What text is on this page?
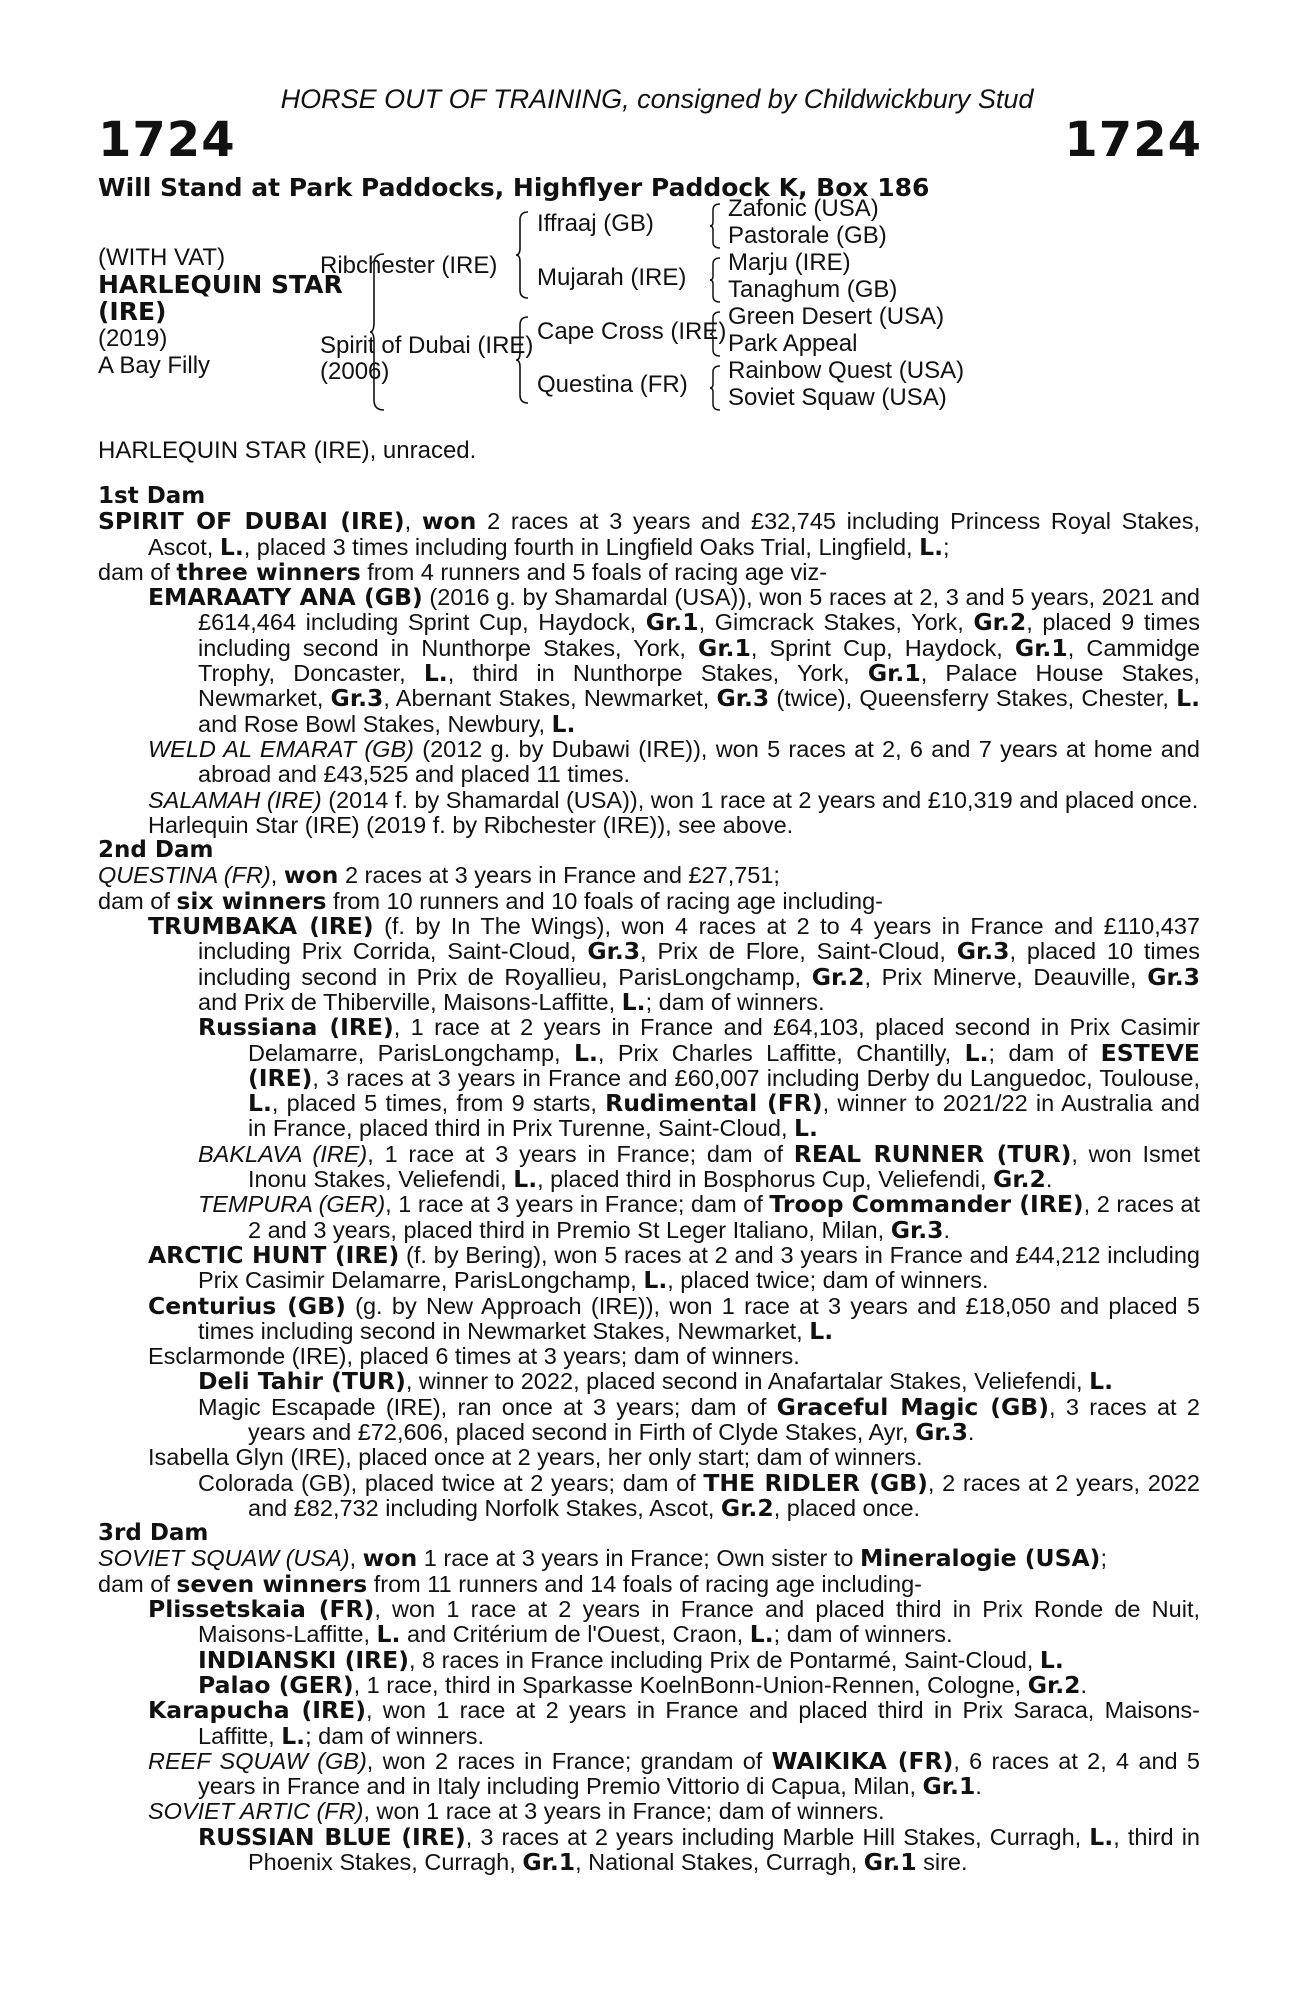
HORSE OUT OF TRAINING, consigned by Childwickbury Stud
1724	1724
Will Stand at Park Paddocks, Highflyer Paddock K, Box 186
(WITH VAT)
HARLEQUIN STAR
(IRE)
(2019)
A Bay Filly
Ribchester (IRE)
Spirit of Dubai (IRE)
(2006)
Iffraaj (GB)
Mujarah (IRE)
Cape Cross (IRE)
Questina (FR)
Zafonic (USA)
Pastorale (GB)
Marju (IRE)
Tanaghum (GB)
Green Desert (USA)
Park Appeal
Rainbow Quest (USA)
Soviet Squaw (USA)
HARLEQUIN STAR (IRE), unraced.
1st Dam
SPIRIT OF DUBAI (IRE), won 2 races at 3 years and £32,745 including Princess Royal Stakes, Ascot, L., placed 3 times including fourth in Lingfield Oaks Trial, Lingfield, L.;
dam of three winners from 4 runners and 5 foals of racing age viz-
EMARAATY ANA (GB) (2016 g. by Shamardal (USA)), won 5 races at 2, 3 and 5 years, 2021 and £614,464 including Sprint Cup, Haydock, Gr.1, Gimcrack Stakes, York, Gr.2, placed 9 times including second in Nunthorpe Stakes, York, Gr.1, Sprint Cup, Haydock, Gr.1, Cammidge Trophy, Doncaster, L., third in Nunthorpe Stakes, York, Gr.1, Palace House Stakes, Newmarket, Gr.3, Abernant Stakes, Newmarket, Gr.3 (twice), Queensferry Stakes, Chester, L. and Rose Bowl Stakes, Newbury, L.
WELD AL EMARAT (GB) (2012 g. by Dubawi (IRE)), won 5 races at 2, 6 and 7 years at home and abroad and £43,525 and placed 11 times.
SALAMAH (IRE) (2014 f. by Shamardal (USA)), won 1 race at 2 years and £10,319 and placed once.
Harlequin Star (IRE) (2019 f. by Ribchester (IRE)), see above.
2nd Dam
QUESTINA (FR), won 2 races at 3 years in France and £27,751;
dam of six winners from 10 runners and 10 foals of racing age including-
TRUMBAKA (IRE) (f. by In The Wings), won 4 races at 2 to 4 years in France and £110,437 including Prix Corrida, Saint-Cloud, Gr.3, Prix de Flore, Saint-Cloud, Gr.3, placed 10 times including second in Prix de Royallieu, ParisLongchamp, Gr.2, Prix Minerve, Deauville, Gr.3 and Prix de Thiberville, Maisons-Laffitte, L.; dam of winners.
Russiana (IRE), 1 race at 2 years in France and £64,103, placed second in Prix Casimir Delamarre, ParisLongchamp, L., Prix Charles Laffitte, Chantilly, L.; dam of ESTEVE (IRE), 3 races at 3 years in France and £60,007 including Derby du Languedoc, Toulouse, L., placed 5 times, from 9 starts, Rudimental (FR), winner to 2021/22 in Australia and in France, placed third in Prix Turenne, Saint-Cloud, L.
BAKLAVA (IRE), 1 race at 3 years in France; dam of REAL RUNNER (TUR), won Ismet Inonu Stakes, Veliefendi, L., placed third in Bosphorus Cup, Veliefendi, Gr.2.
TEMPURA (GER), 1 race at 3 years in France; dam of Troop Commander (IRE), 2 races at 2 and 3 years, placed third in Premio St Leger Italiano, Milan, Gr.3.
ARCTIC HUNT (IRE) (f. by Bering), won 5 races at 2 and 3 years in France and £44,212 including Prix Casimir Delamarre, ParisLongchamp, L., placed twice; dam of winners.
Centurius (GB) (g. by New Approach (IRE)), won 1 race at 3 years and £18,050 and placed 5 times including second in Newmarket Stakes, Newmarket, L.
Esclarmonde (IRE), placed 6 times at 3 years; dam of winners.
Deli Tahir (TUR), winner to 2022, placed second in Anafartalar Stakes, Veliefendi, L.
Magic Escapade (IRE), ran once at 3 years; dam of Graceful Magic (GB), 3 races at 2 years and £72,606, placed second in Firth of Clyde Stakes, Ayr, Gr.3.
Isabella Glyn (IRE), placed once at 2 years, her only start; dam of winners.
Colorada (GB), placed twice at 2 years; dam of THE RIDLER (GB), 2 races at 2 years, 2022 and £82,732 including Norfolk Stakes, Ascot, Gr.2, placed once.
3rd Dam
SOVIET SQUAW (USA), won 1 race at 3 years in France; Own sister to Mineralogie (USA);
dam of seven winners from 11 runners and 14 foals of racing age including-
Plissetskaia (FR), won 1 race at 2 years in France and placed third in Prix Ronde de Nuit, Maisons-Laffitte, L. and Critérium de l'Ouest, Craon, L.; dam of winners.
INDIANSKI (IRE), 8 races in France including Prix de Pontarmé, Saint-Cloud, L.
Palao (GER), 1 race, third in Sparkasse KoelnBonn-Union-Rennen, Cologne, Gr.2.
Karapucha (IRE), won 1 race at 2 years in France and placed third in Prix Saraca, Maisons-Laffitte, L.; dam of winners.
REEF SQUAW (GB), won 2 races in France; grandam of WAIKIKA (FR), 6 races at 2, 4 and 5 years in France and in Italy including Premio Vittorio di Capua, Milan, Gr.1.
SOVIET ARTIC (FR), won 1 race at 3 years in France; dam of winners.
RUSSIAN BLUE (IRE), 3 races at 2 years including Marble Hill Stakes, Curragh, L., third in Phoenix Stakes, Curragh, Gr.1, National Stakes, Curragh, Gr.1 sire.
